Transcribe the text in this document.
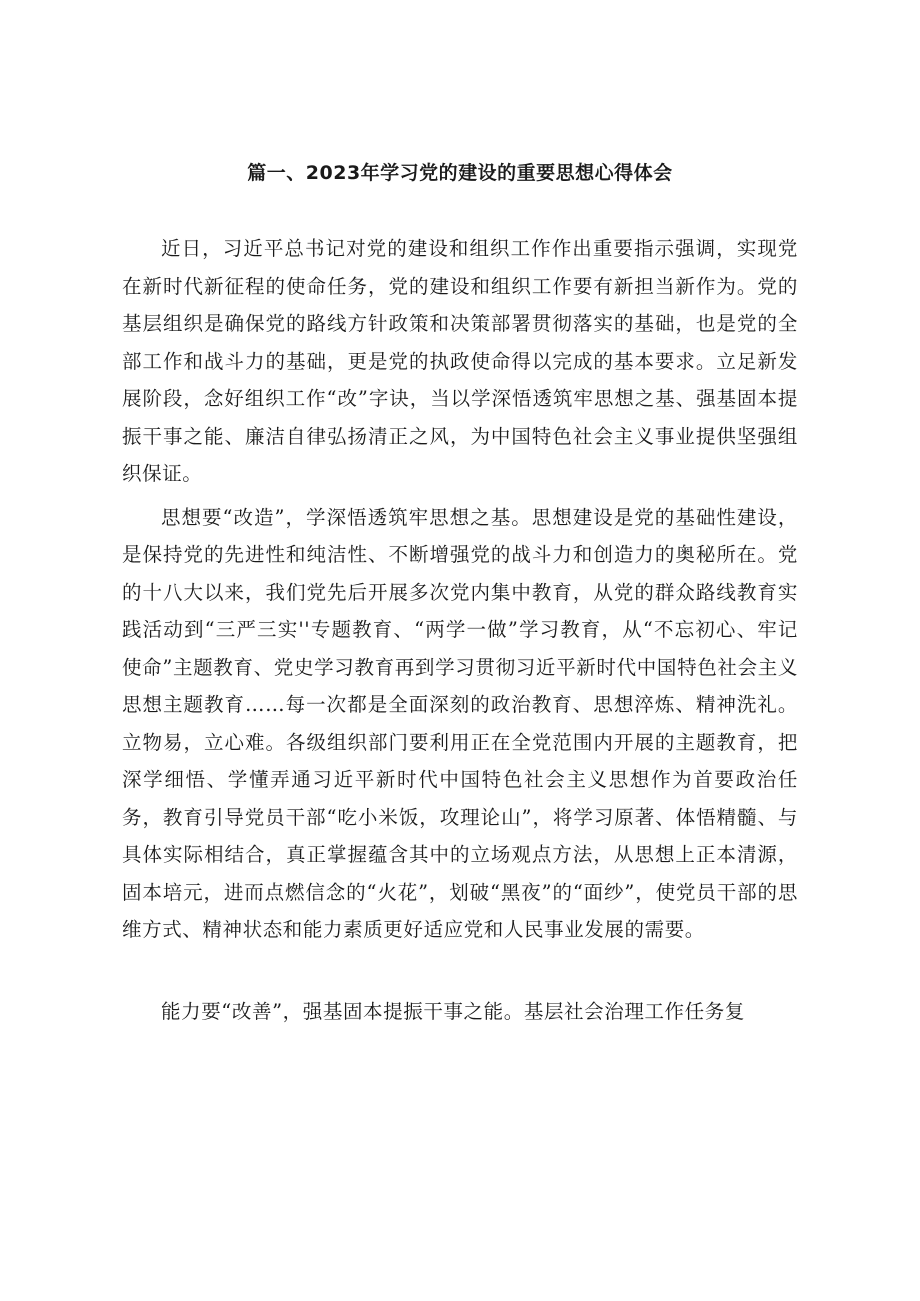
篇一、2023年学习党的建设的重要思想心得体会

近日，习近平总书记对党的建设和组织工作作出重要指示强调，实现党在新时代新征程的使命任务，党的建设和组织工作要有新担当新作为。党的基层组织是确保党的路线方针政策和决策部署贯彻落实的基础，也是党的全部工作和战斗力的基础，更是党的执政使命得以完成的基本要求。立足新发展阶段，念好组织工作“改”字诀，当以学深悟透筑牢思想之基、强基固本提振干事之能、廉洁自律弘扬清正之风，为中国特色社会主义事业提供坚强组织保证。

思想要“改造”，学深悟透筑牢思想之基。思想建设是党的基础性建设，是保持党的先进性和纯洁性、不断增强党的战斗力和创造力的奥秘所在。党的十八大以来，我们党先后开展多次党内集中教育，从党的群众路线教育实践活动到“三严三实''专题教育、“两学一做”学习教育，从“不忘初心、牢记使命”主题教育、党史学习教育再到学习贯彻习近平新时代中国特色社会主义思想主题教育……每一次都是全面深刻的政治教育、思想淬炼、精神洗礼。立物易，立心难。各级组织部门要利用正在全党范围内开展的主题教育，把深学细悟、学懂弄通习近平新时代中国特色社会主义思想作为首要政治任务，教育引导党员干部“吃小米饭，攻理论山”，将学习原著、体悟精髓、与具体实际相结合，真正掌握蕴含其中的立场观点方法，从思想上正本清源，固本培元，进而点燃信念的“火花”，划破“黑夜”的“面纱”，使党员干部的思维方式、精神状态和能力素质更好适应党和人民事业发展的需要。

能力要“改善”，强基固本提振干事之能。基层社会治理工作任务复
